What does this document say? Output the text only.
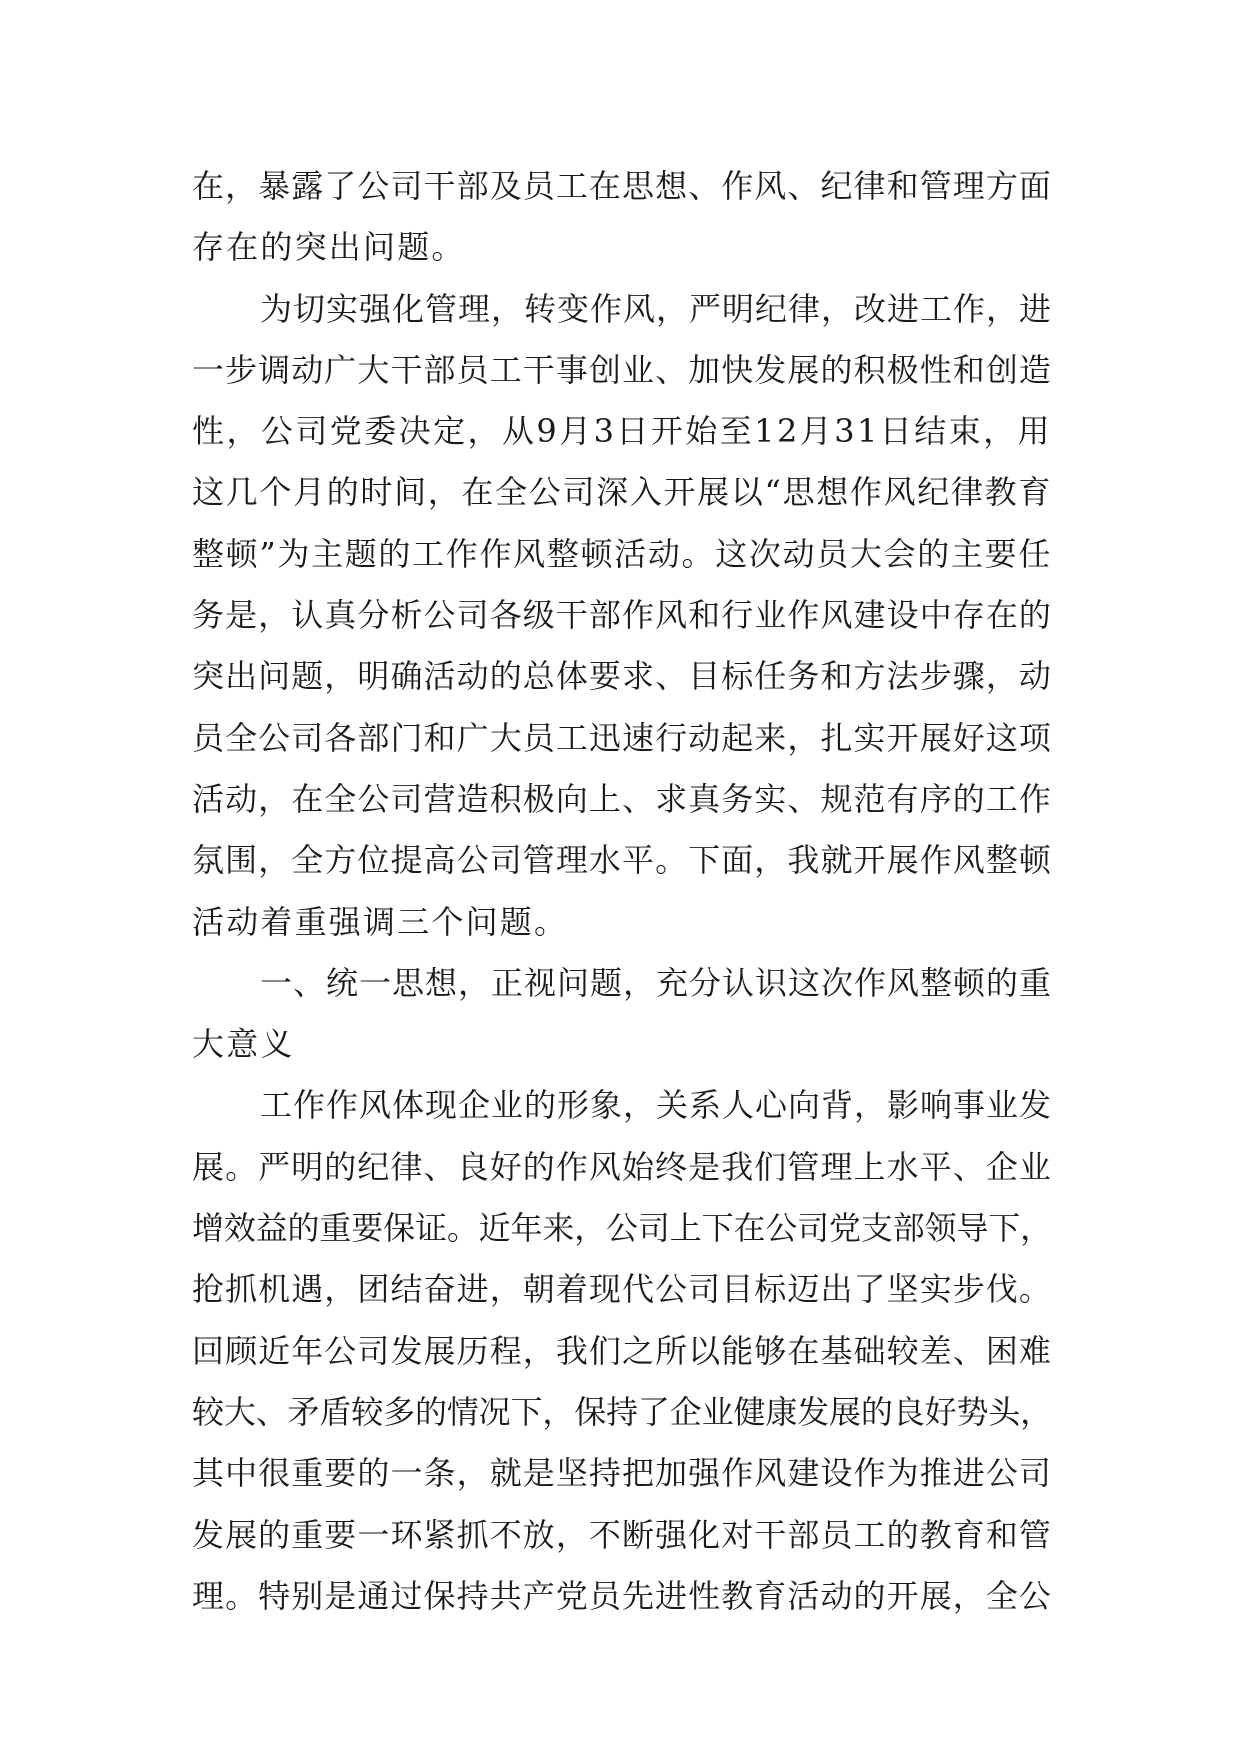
在，暴露了公司干部及员工在思想、作风、纪律和管理方面
存在的突出问题。
为切实强化管理，转变作风，严明纪律，改进工作，进
一步调动广大干部员工干事创业、加快发展的积极性和创造
性，公司党委决定，从9月3日开始至12月31日结束，用
这几个月的时间，在全公司深入开展以“思想作风纪律教育
整顿”为主题的工作作风整顿活动。这次动员大会的主要任
务是，认真分析公司各级干部作风和行业作风建设中存在的
突出问题，明确活动的总体要求、目标任务和方法步骤，动
员全公司各部门和广大员工迅速行动起来，扎实开展好这项
活动，在全公司营造积极向上、求真务实、规范有序的工作
氛围，全方位提高公司管理水平。下面，我就开展作风整顿
活动着重强调三个问题。
一、统一思想，正视问题，充分认识这次作风整顿的重
大意义
工作作风体现企业的形象，关系人心向背，影响事业发
展。严明的纪律、良好的作风始终是我们管理上水平、企业
增效益的重要保证。近年来，公司上下在公司党支部领导下，
抢抓机遇，团结奋进，朝着现代公司目标迈出了坚实步伐。
回顾近年公司发展历程，我们之所以能够在基础较差、困难
较大、矛盾较多的情况下，保持了企业健康发展的良好势头，
其中很重要的一条，就是坚持把加强作风建设作为推进公司
发展的重要一环紧抓不放，不断强化对干部员工的教育和管
理。特别是通过保持共产党员先进性教育活动的开展，全公
